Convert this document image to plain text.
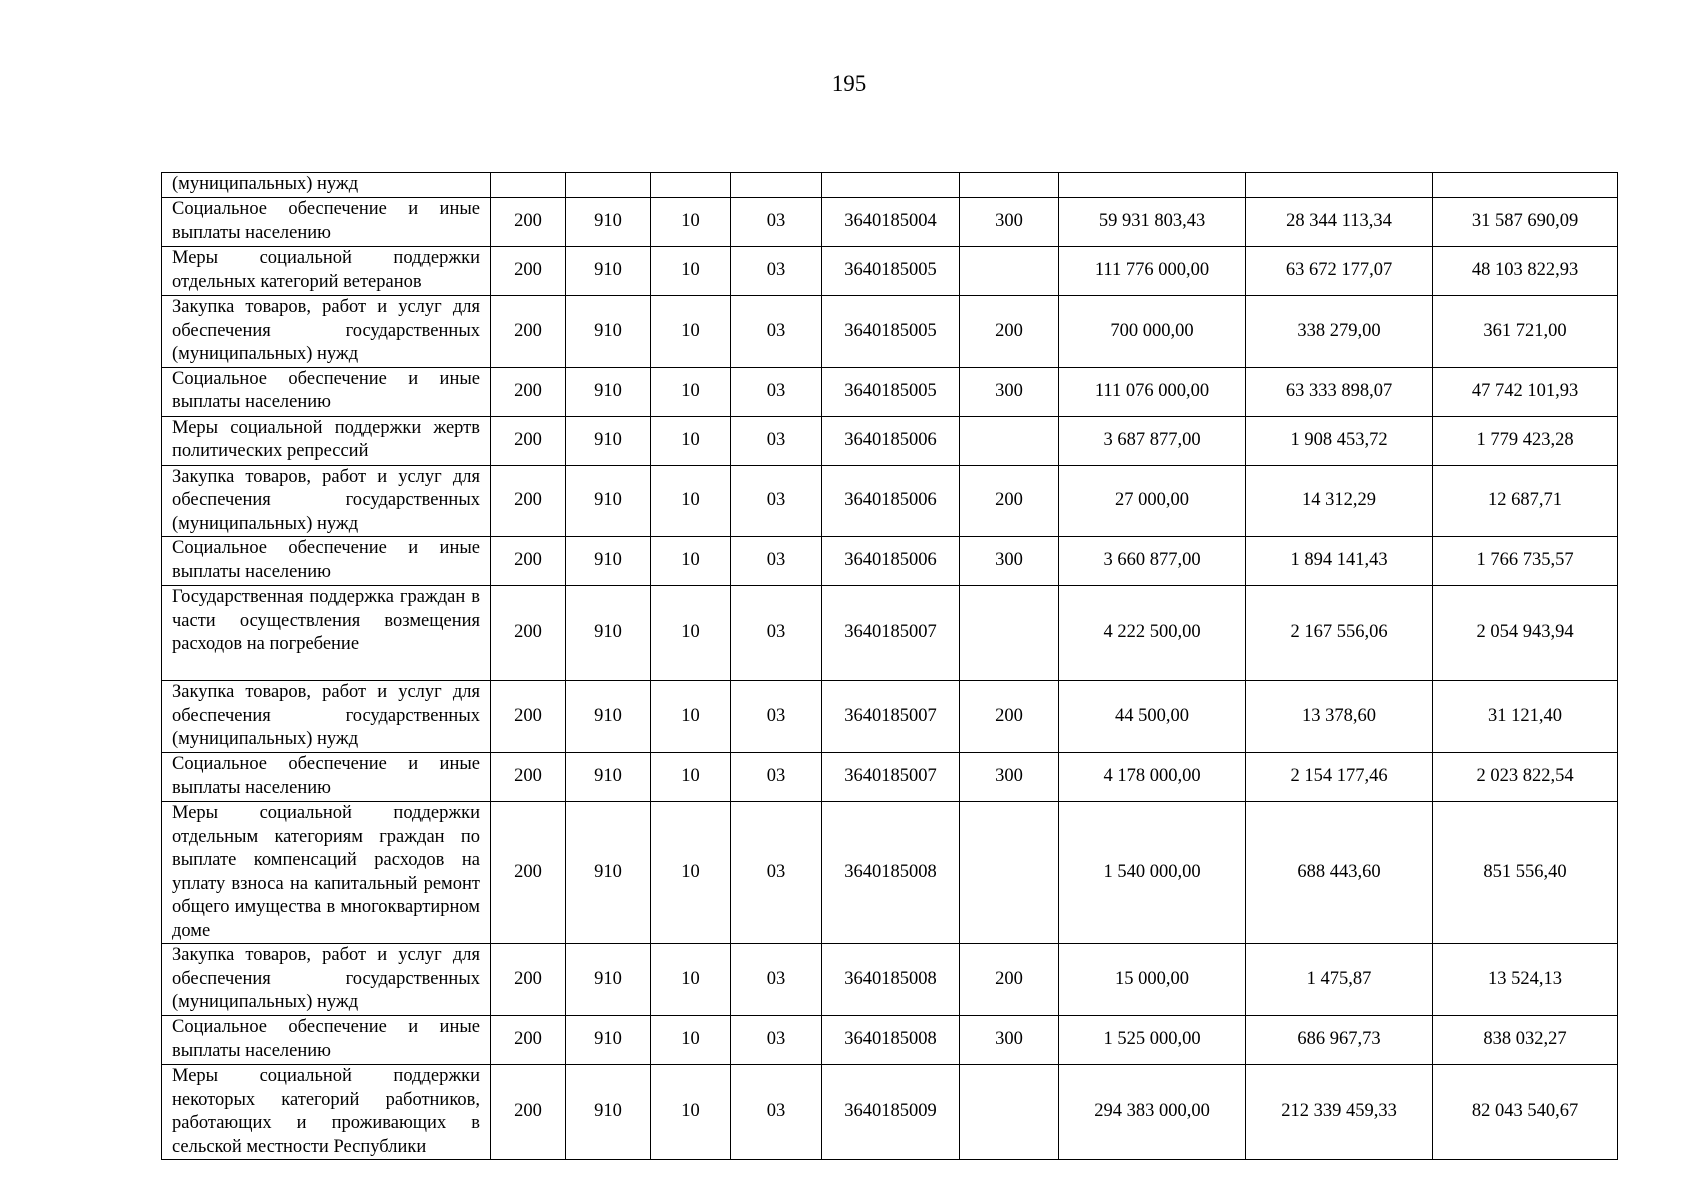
195
(муниципальных) нужд									
Социальное обеспечение и иные выплаты населению	200	910	10	03	3640185004	300	59 931 803,43	28 344 113,34	31 587 690,09
Меры социальной поддержки отдельных категорий ветеранов	200	910	10	03	3640185005		111 776 000,00	63 672 177,07	48 103 822,93
Закупка товаров, работ и услуг для обеспечения государственных (муниципальных) нужд	200	910	10	03	3640185005	200	700 000,00	338 279,00	361 721,00
Социальное обеспечение и иные выплаты населению	200	910	10	03	3640185005	300	111 076 000,00	63 333 898,07	47 742 101,93
Меры социальной поддержки жертв политических репрессий	200	910	10	03	3640185006		3 687 877,00	1 908 453,72	1 779 423,28
Закупка товаров, работ и услуг для обеспечения государственных (муниципальных) нужд	200	910	10	03	3640185006	200	27 000,00	14 312,29	12 687,71
Социальное обеспечение и иные выплаты населению	200	910	10	03	3640185006	300	3 660 877,00	1 894 141,43	1 766 735,57
Государственная поддержка граждан в части осуществления возмещения расходов на погребение	200	910	10	03	3640185007		4 222 500,00	2 167 556,06	2 054 943,94
Закупка товаров, работ и услуг для обеспечения государственных (муниципальных) нужд	200	910	10	03	3640185007	200	44 500,00	13 378,60	31 121,40
Социальное обеспечение и иные выплаты населению	200	910	10	03	3640185007	300	4 178 000,00	2 154 177,46	2 023 822,54
Меры социальной поддержки отдельным категориям граждан по выплате компенсаций расходов на уплату взноса на капитальный ремонт общего имущества в многоквартирном доме	200	910	10	03	3640185008		1 540 000,00	688 443,60	851 556,40
Закупка товаров, работ и услуг для обеспечения государственных (муниципальных) нужд	200	910	10	03	3640185008	200	15 000,00	1 475,87	13 524,13
Социальное обеспечение и иные выплаты населению	200	910	10	03	3640185008	300	1 525 000,00	686 967,73	838 032,27
Меры социальной поддержки некоторых категорий работников, работающих и проживающих в сельской местности Республики	200	910	10	03	3640185009		294 383 000,00	212 339 459,33	82 043 540,67
